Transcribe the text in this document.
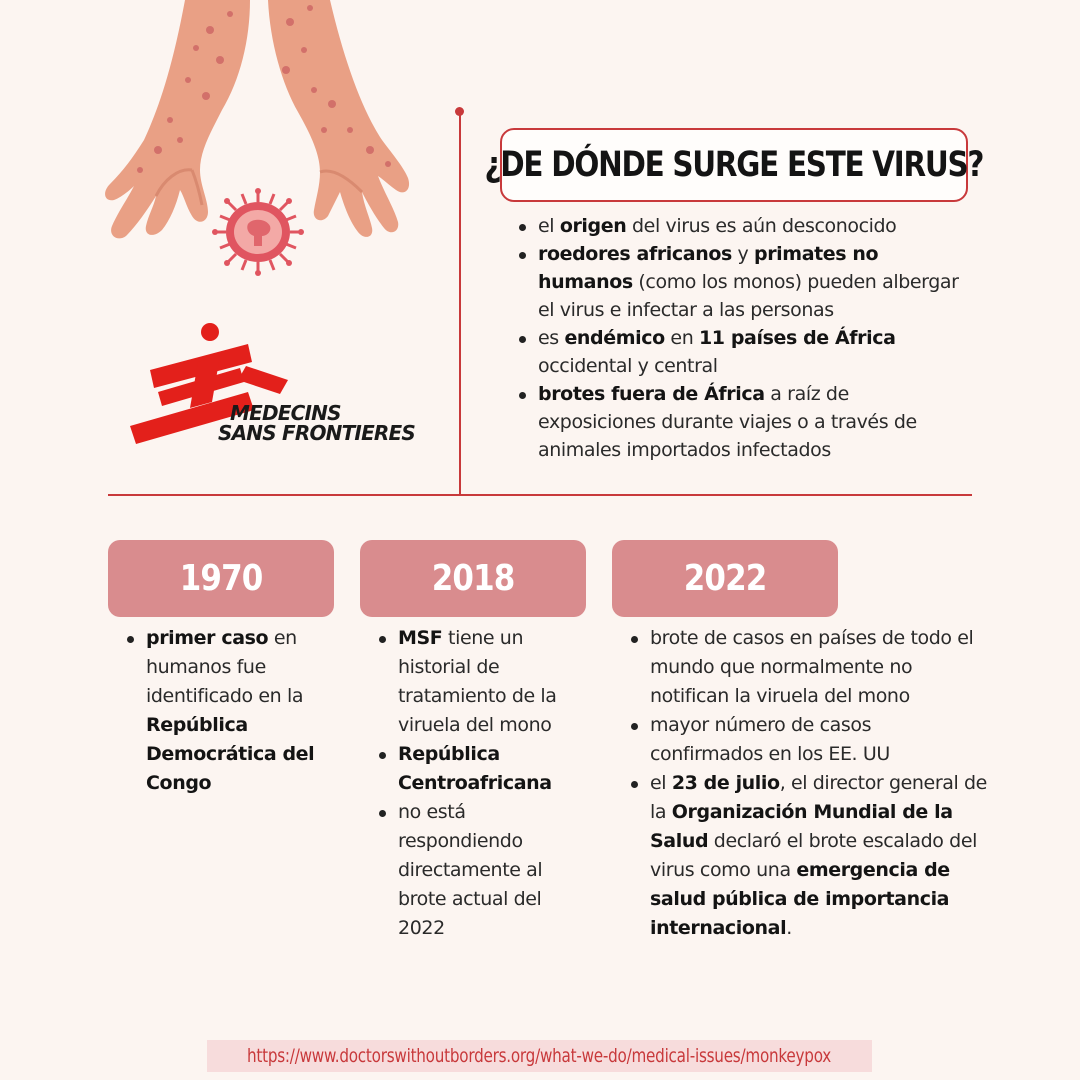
MEDECINS
SANS FRONTIERES
¿DE DÓNDE SURGE ESTE VIRUS?
el origen del virus es aún desconocido
roedores africanos y primates no humanos (como los monos) pueden albergar el virus e infectar a las personas
es endémico en 11 países de África occidental y central
brotes fuera de África a raíz de exposiciones durante viajes o a través de animales importados infectados
1970	2018	2022
primer caso en humanos fue identificado en la República Democrática del Congo
MSF tiene un historial de tratamiento de la viruela del mono
República Centroafricana
no está respondiendo directamente al brote actual del 2022
brote de casos en países de todo el mundo que normalmente no notifican la viruela del mono
mayor número de casos confirmados en los EE. UU
el 23 de julio, el director general de la Organización Mundial de la Salud declaró el brote escalado del virus como una emergencia de salud pública de importancia internacional.
https://www.doctorswithoutborders.org/what-we-do/medical-issues/monkeypox
